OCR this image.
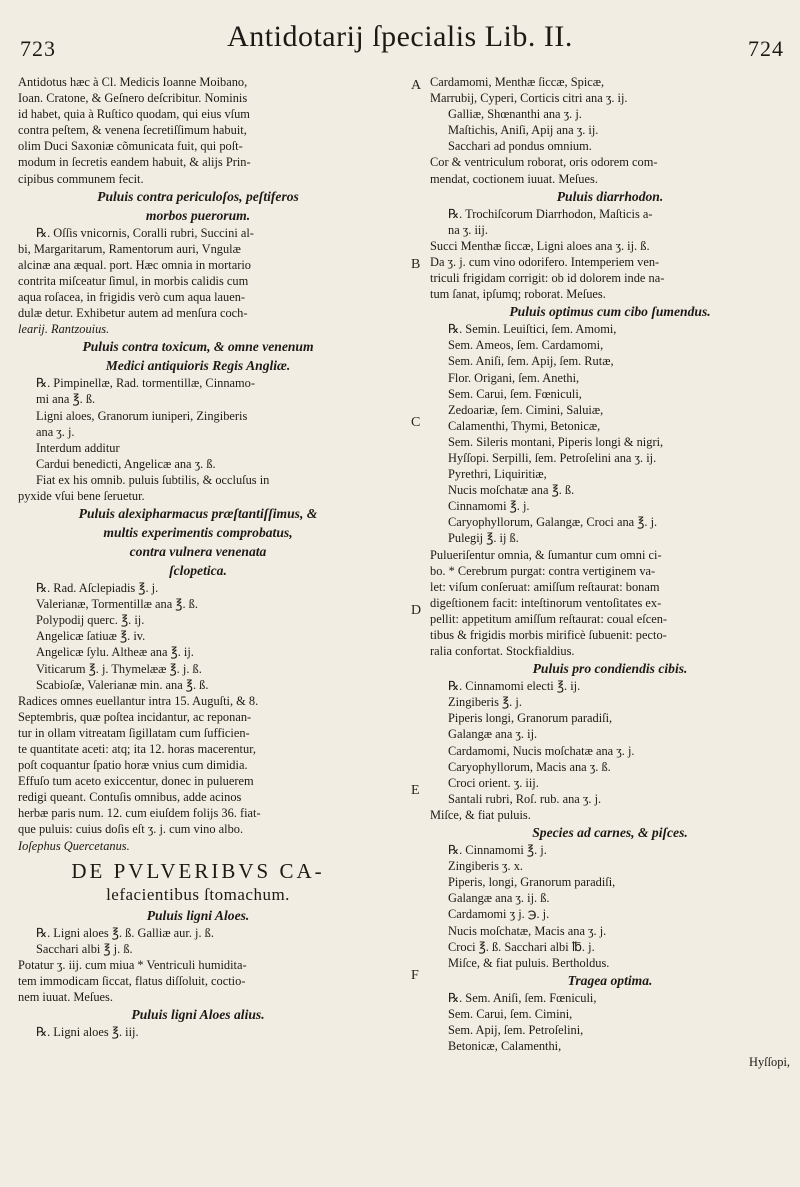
723	Antidotarij ſpecialis Lib. II.	724
A
B
C
D
E
F
Antidotus hæc à Cl. Medicis Ioanne Moibano,
Ioan. Cratone, & Geſnero deſcribitur. Nominis
id habet, quia à Ruſtico quodam, qui eius vſum
contra peſtem, & venena ſecretiſſimum habuit,
olim Duci Saxoniæ cõmunicata fuit, qui poſt-
modum in ſecretis eandem habuit, & alijs Prin-
cipibus communem fecit.
Puluis contra periculoſos, peſtiferos
morbos puerorum.
℞. Oſſis vnicornis, Coralli rubri, Succini al-
bi, Margaritarum, Ramentorum auri, Vngulæ
alcinæ ana æqual. port. Hæc omnia in mortario
contrita miſceatur ſimul, in morbis calidis cum
aqua roſacea, in frigidis verò cum aqua lauen-
dulæ detur. Exhibetur autem ad menſura coch-
learij. Rantzouius.
Puluis contra toxicum, & omne venenum
Medici antiquioris Regis Angliæ.
℞. Pimpinellæ, Rad. tormentillæ, Cinnamo-
mi ana ℥. ß.
Ligni aloes, Granorum iuniperi, Zingiberis
ana ʒ. j.
Interdum additur
Cardui benedicti, Angelicæ ana ʒ. ß.
Fiat ex his omnib. puluis ſubtilis, & occluſus in
pyxide vſui bene ſeruetur.
Puluis alexipharmacus præſtantiſſimus, &
multis experimentis comprobatus,
contra vulnera venenata
ſclopetica.
℞. Rad. Aſclepiadis ℥. j.
Valerianæ, Tormentillæ ana ℥. ß.
Polypodij querc. ℥. ij.
Angelicæ ſatiuæ ℥. iv.
Angelicæ ſylu. Altheæ ana ℥. ij.
Viticarum ℥. j. Thymelææ ℥. j. ß.
Scabioſæ, Valerianæ min. ana ℥. ß.
Radices omnes euellantur intra 15. Auguſti, & 8.
Septembris, quæ poſtea incidantur, ac reponan-
tur in ollam vitreatam ſigillatam cum ſufficien-
te quantitate aceti: atq; ita 12. horas macerentur,
poſt coquantur ſpatio horæ vnius cum dimidia.
Effuſo tum aceto exiccentur, donec in puluerem
redigi queant. Contuſis omnibus, adde acinos
herbæ paris num. 12. cum eiuſdem folijs 36. fiat-
que puluis: cuius doſis eſt ʒ. j. cum vino albo.
Ioſephus Quercetanus.
DE PVLVERIBVS CA-
lefacientibus ſtomachum.
Puluis ligni Aloes.
℞. Ligni aloes ℥. ß. Galliæ aur. j. ß.
Sacchari albi ℥ j. ß.
Potatur ʒ. iij. cum miua * Ventriculi humidita-
tem immodicam ſiccat, flatus diſſoluit, coctio-
nem iuuat. Meſues.
Puluis ligni Aloes alius.
℞. Ligni aloes ℥. iij.
Cardamomi, Menthæ ſiccæ, Spicæ,
Marrubij, Cyperi, Corticis citri ana ʒ. ij.
Galliæ, Shœnanthi ana ʒ. j.
Maſtichis, Aniſi, Apij ana ʒ. ij.
Sacchari ad pondus omnium.
Cor & ventriculum roborat, oris odorem com-
mendat, coctionem iuuat. Meſues.
Puluis diarrhodon.
℞. Trochiſcorum Diarrhodon, Maſticis a-
na ʒ. iij.
Succi Menthæ ſiccæ, Ligni aloes ana ʒ. ij. ß.
Da ʒ. j. cum vino odorifero. Intemperiem ven-
triculi frigidam corrigit: ob id dolorem inde na-
tum ſanat, ipſumq; roborat. Meſues.
Puluis optimus cum cibo ſumendus.
℞. Semin. Leuiſtici, ſem. Amomi,
Sem. Ameos, ſem. Cardamomi,
Sem. Aniſi, ſem. Apij, ſem. Rutæ,
Flor. Origani, ſem. Anethi,
Sem. Carui, ſem. Fœniculi,
Zedoariæ, ſem. Cimini, Saluiæ,
Calamenthi, Thymi, Betonicæ,
Sem. Sileris montani, Piperis longi & nigri,
Hyſſopi. Serpilli, ſem. Petroſelini ana ʒ. ij.
Pyrethri, Liquiritiæ,
Nucis moſchatæ ana ℥. ß.
Cinnamomi ℥. j.
Caryophyllorum, Galangæ, Croci ana ℥. j.
Pulegij ℥. ij ß.
Pulueriſentur omnia, & ſumantur cum omni ci-
bo. * Cerebrum purgat: contra vertiginem va-
let: viſum conſeruat: amiſſum reſtaurat: bonam
digeſtionem facit: inteſtinorum ventoſitates ex-
pellit: appetitum amiſſum reſtaurat: coual eſcen-
tibus & frigidis morbis mirificè ſubuenit: pecto-
ralia confortat. Stockfialdius.
Puluis pro condiendis cibis.
℞. Cinnamomi electi ℥. ij.
Zingiberis ℥. j.
Piperis longi, Granorum paradiſi,
Galangæ ana ʒ. ij.
Cardamomi, Nucis moſchatæ ana ʒ. j.
Caryophyllorum, Macis ana ʒ. ß.
Croci orient. ʒ. iij.
Santali rubri, Roſ. rub. ana ʒ. j.
Miſce, & fiat puluis.
Species ad carnes, & piſces.
℞. Cinnamomi ℥. j.
Zingiberis ʒ. x.
Piperis, longi, Granorum paradiſi,
Galangæ ana ʒ. ij. ß.
Cardamomi ʒ j. ℈. j.
Nucis moſchatæ, Macis ana ʒ. j.
Croci ℥. ß. Sacchari albi ℔. j.
Miſce, & fiat puluis. Bertholdus.
Tragea optima.
℞. Sem. Aniſi, ſem. Fœniculi,
Sem. Carui, ſem. Cimini,
Sem. Apij, ſem. Petroſelini,
Betonicæ, Calamenthi,
Hyſſopi,
